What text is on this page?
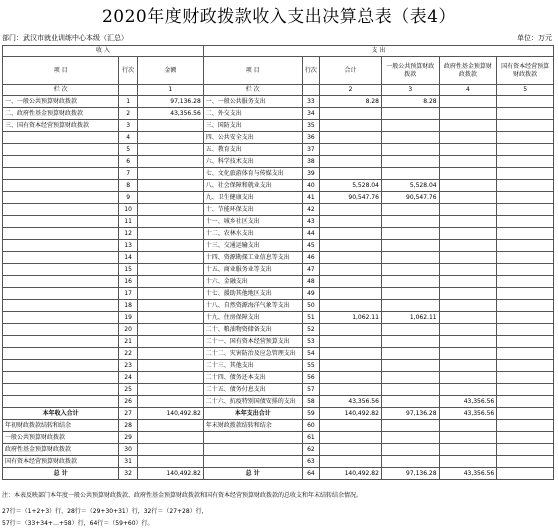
2020年度财政拨款收入支出决算总表（表4）
部门：武汉市就业训练中心本级（汇总）	单位：万元
收 入			支 出					
项 目	行次	金额	项 目	行次	合计	一般公共预算财政拨款	政府性基金预算财政拨款	国有资本经营预算财政拨款
栏 次		1	栏 次		2	3	4	5
一、一般公共预算财政拨款	1	97,136.28	一、一般公共服务支出	33	8.28	8.28		
二、政府性基金预算财政拨款	2	43,356.56	二、外交支出	34				
三、国有资本经营预算财政拨款	3		三、国防支出	35				
	4		四、公共安全支出	36				
	5		五、教育支出	37				
	6		六、科学技术支出	38				
	7		七、文化旅游体育与传媒支出	39				
	8		八、社会保障和就业支出	40	5,528.04	5,528.04		
	9		九、卫生健康支出	41	90,547.76	90,547.76		
	10		十、节能环保支出	42				
	11		十一、城乡社区支出	43				
	12		十二、农林水支出	44				
	13		十三、交通运输支出	45				
	14		十四、资源勘探工业信息等支出	46				
	15		十五、商业服务业等支出	47				
	16		十六、金融支出	48				
	17		十七、援助其他地区支出	49				
	18		十八、自然资源海洋气象等支出	50				
	19		十九、住房保障支出	51	1,062.11	1,062.11		
	20		二十、粮油物资储备支出	52				
	21		二十一、国有资本经营预算支出	53				
	22		二十二、灾害防治及应急管理支出	54				
	23		二十三、其他支出	55				
	24		二十四、债务还本支出	56				
	25		二十五、债务付息支出	57				
	26		二十六、抗疫特别国债安排的支出	58	43,356.56		43,356.56	
本年收入合计	27	140,492.82	本年支出合计	59	140,492.82	97,136.28	43,356.56	
年初财政拨款结转和结余	28		年末财政拨款结转和结余	60				
一般公共预算财政拨款	29			61				
政府性基金预算财政拨款	30			62				
国有资本经营预算财政拨款	31			63				
总 计	32	140,492.82	总 计	64	140,492.82	97,136.28	43,356.56	
注：本表反映部门本年度一般公共预算财政拨款、政府性基金预算财政拨款和国有资本经营预算财政拨款的总收支和年末结转结余情况。
27行＝（1+2+3）行，28行＝（29+30+31）行，32行＝（27+28）行，
57行＝（33+34+…+58）行，64行＝（59+60）行。
